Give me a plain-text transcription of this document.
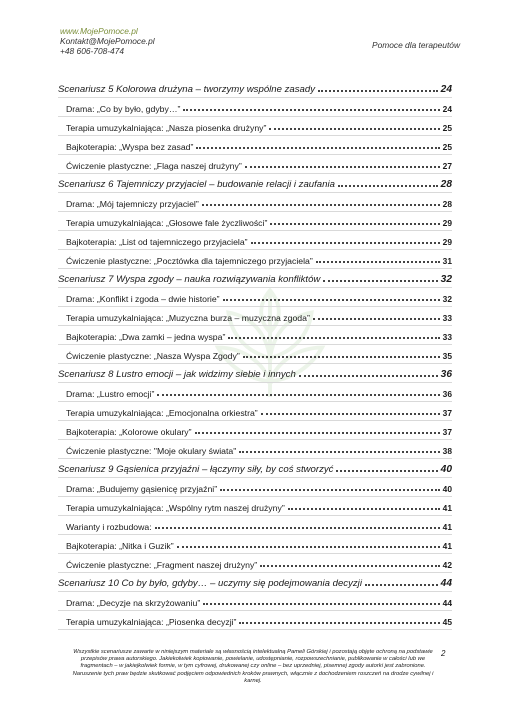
www.MojePomoce.pl
Kontakt@MojePomoce.pl
+48 606-708-474
Pomoce dla terapeutów
Scenariusz 5 Kolorowa drużyna – tworzymy wspólne zasady	24
Drama: „Co by było, gdyby…”	24
Terapia umuzykalniająca: „Nasza piosenka drużyny”	25
Bajkoterapia: „Wyspa bez zasad”	25
Ćwiczenie plastyczne: „Flaga naszej drużyny”	27
Scenariusz 6 Tajemniczy przyjaciel – budowanie relacji i zaufania	28
Drama: „Mój tajemniczy przyjaciel”	28
Terapia umuzykalniająca: „Głosowe fale życzliwości”	29
Bajkoterapia: „List od tajemniczego przyjaciela”	29
Ćwiczenie plastyczne: „Pocztówka dla tajemniczego przyjaciela”	31
Scenariusz 7 Wyspa zgody – nauka rozwiązywania konfliktów	32
Drama: „Konflikt i zgoda – dwie historie”	32
Terapia umuzykalniająca: „Muzyczna burza – muzyczna zgoda”	33
Bajkoterapia: „Dwa zamki – jedna wyspa”	33
Ćwiczenie plastyczne: „Nasza Wyspa Zgody”	35
Scenariusz 8 Lustro emocji – jak widzimy siebie i innych	36
Drama: „Lustro emocji”	36
Terapia umuzykalniająca: „Emocjonalna orkiestra”	37
Bajkoterapia: „Kolorowe okulary”	37
Ćwiczenie plastyczne: "Moje okulary świata"	38
Scenariusz 9 Gąsienica przyjaźni – łączymy siły, by coś stworzyć	40
Drama: „Budujemy gąsienicę przyjaźni”	40
Terapia umuzykalniająca: „Wspólny rytm naszej drużyny”	41
Warianty i rozbudowa:	41
Bajkoterapia: „Nitka i Guzik”	41
Ćwiczenie plastyczne: „Fragment naszej drużyny”	42
Scenariusz 10 Co by było, gdyby… – uczymy się podejmowania decyzji	44
Drama: „Decyzje na skrzyżowaniu”	44
Terapia umuzykalniająca: „Piosenka decyzji”	45
Wszystkie scenariusze zawarte w niniejszym materiale są własnością intelektualną Pameli Górskiej i pozostają objęte ochroną na podstawie przepisów prawa autorskiego. Jakiekolwiek kopiowanie, powielanie, udostępnianie, rozpowszechnianie, publikowanie w całości lub we fragmentach – w jakiejkolwiek formie, w tym cyfrowej, drukowanej czy online – bez uprzedniej, pisemnej zgody autorki jest zabronione. Naruszenie tych praw będzie skutkować podjęciem odpowiednich kroków prawnych, włącznie z dochodzeniem roszczeń na drodze cywilnej i karnej.
2
